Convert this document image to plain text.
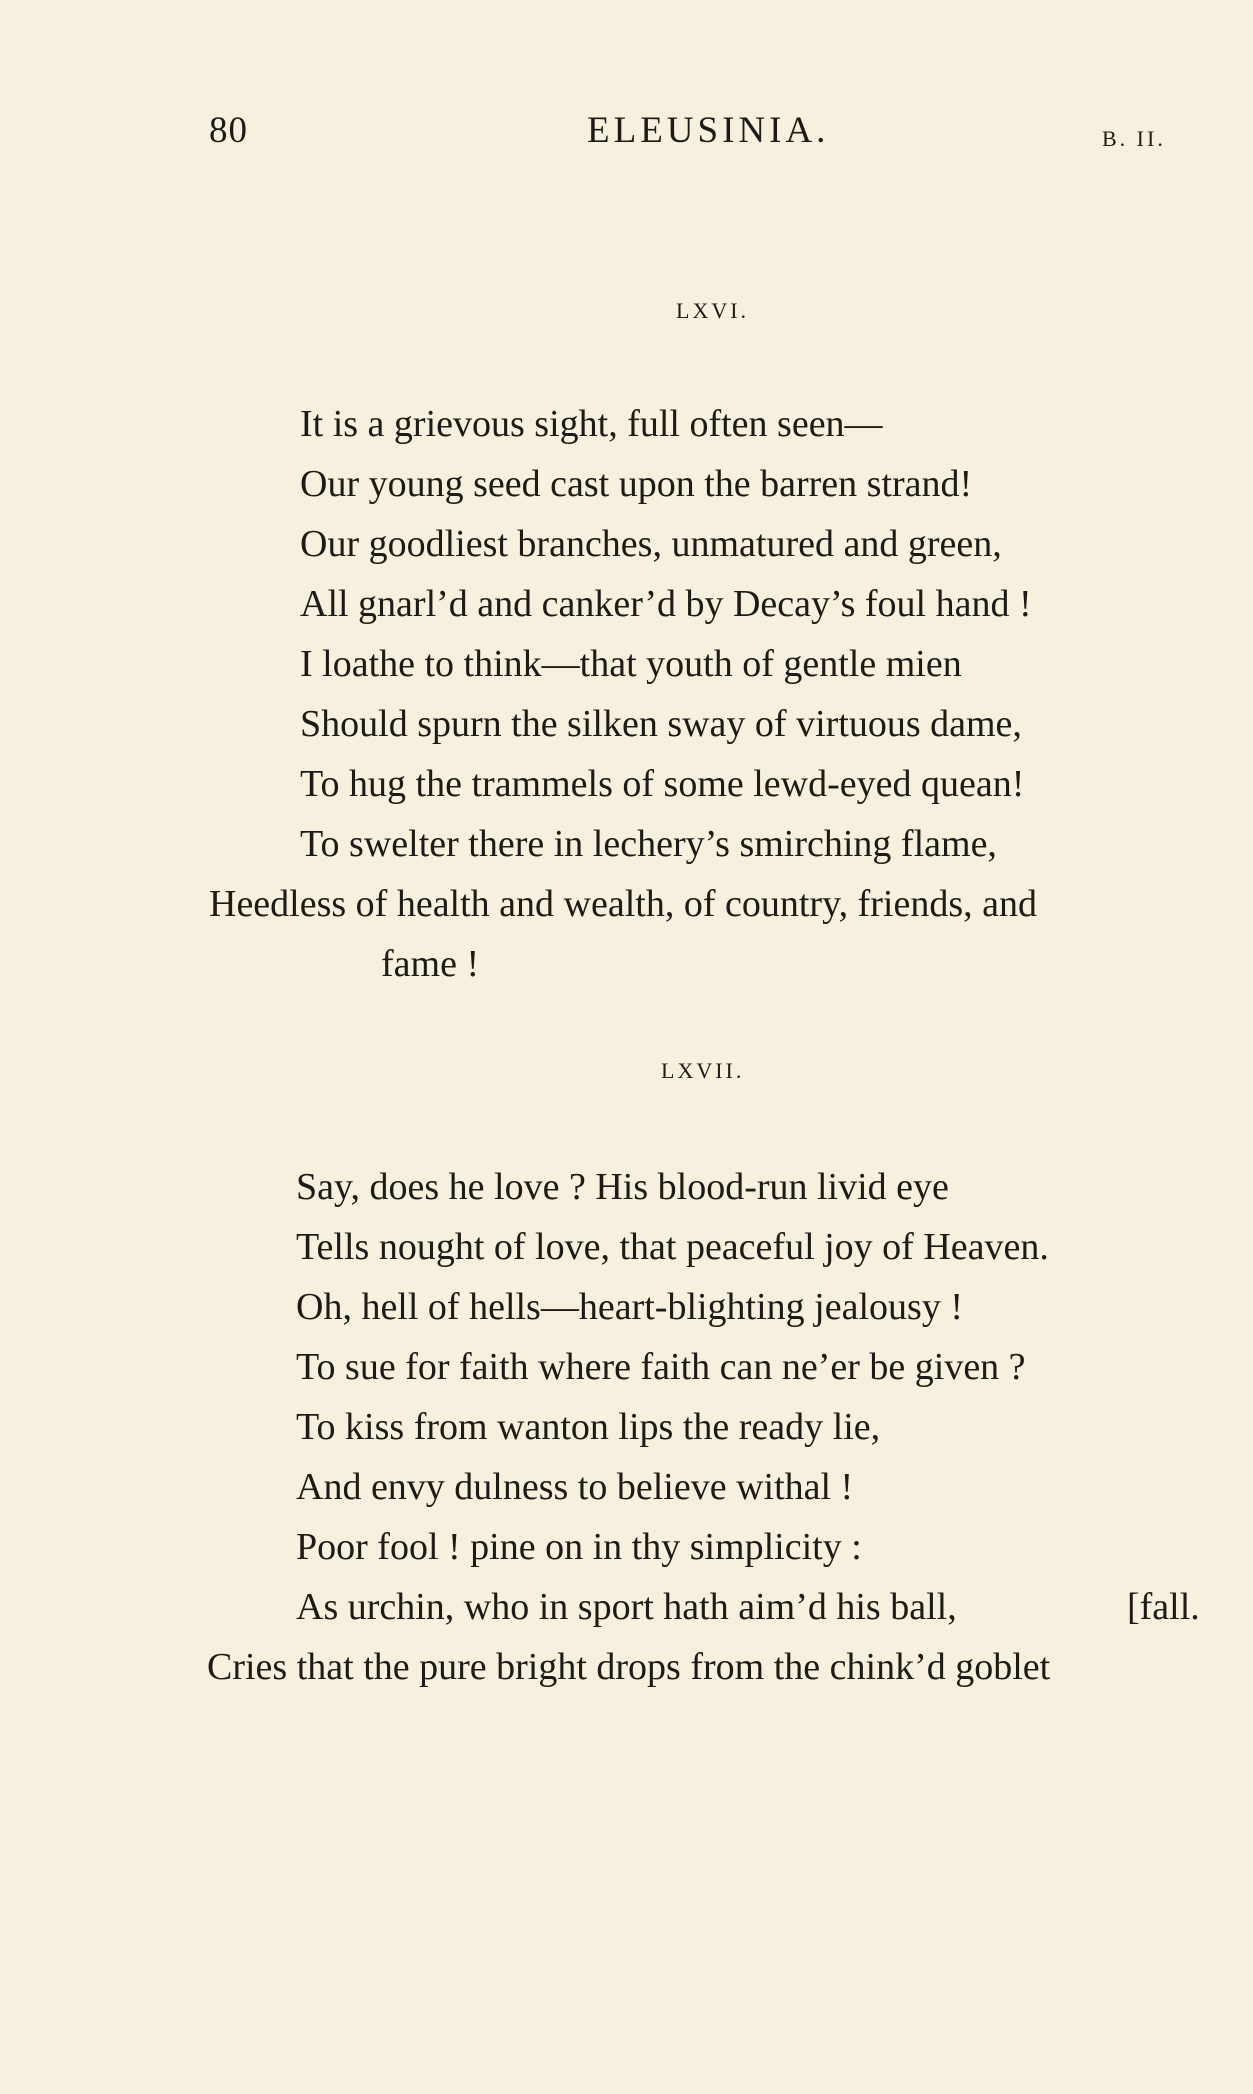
80	ELEUSINIA.	B. II.
LXVI.
It is a grievous sight, full often seen—
Our young seed cast upon the barren strand!
Our goodliest branches, unmatured and green,
All gnarl’d and canker’d by Decay’s foul hand !
I loathe to think—that youth of gentle mien
Should spurn the silken sway of virtuous dame,
To hug the trammels of some lewd-eyed quean!
To swelter there in lechery’s smirching flame,
Heedless of health and wealth, of country, friends, and
fame !
LXVII.
Say, does he love ? His blood-run livid eye
Tells nought of love, that peaceful joy of Heaven.
Oh, hell of hells—heart-blighting jealousy !
To sue for faith where faith can ne’er be given ?
To kiss from wanton lips the ready lie,
And envy dulness to believe withal !
Poor fool ! pine on in thy simplicity :
As urchin, who in sport hath aim’d his ball,	[fall.
Cries that the pure bright drops from the chink’d goblet
